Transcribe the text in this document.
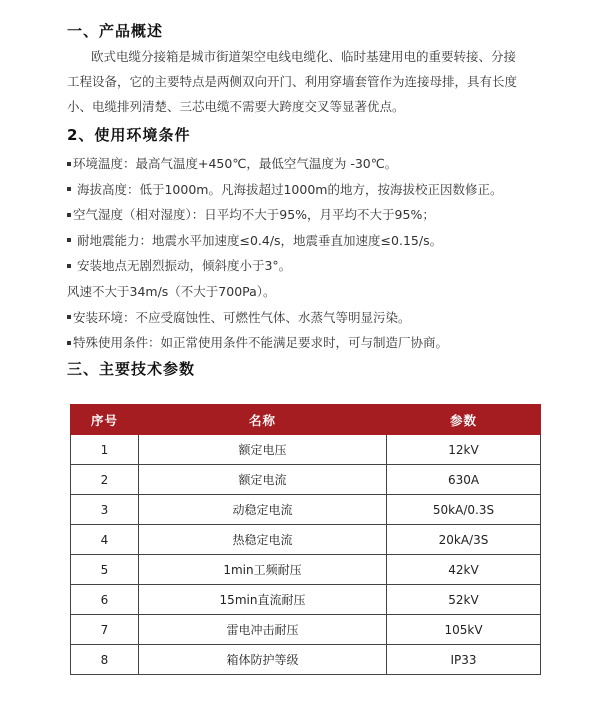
一、产品概述

欧式电缆分接箱是城市街道架空电线电缆化、临时基建用电的重要转接、分接
工程设备，它的主要特点是两侧双向开门、利用穿墙套管作为连接母排，具有长度
小、电缆排列清楚、三芯电缆不需要大跨度交叉等显著优点。

2、使用环境条件
环境温度：最高气温度+450℃，最低空气温度为 -30℃。
海拔高度：低于1000m。凡海拔超过1000m的地方，按海拔校正因数修正。
空气湿度（相对湿度）：日平均不大于95%，月平均不大于95%；
耐地震能力：地震水平加速度≤0.4/s，地震垂直加速度≤0.15/s。
安装地点无剧烈振动，倾斜度小于3°。
风速不大于34m/s（不大于700Pa）。
安装环境：不应受腐蚀性、可燃性气体、水蒸气等明显污染。
特殊使用条件：如正常使用条件不能满足要求时，可与制造厂协商。
三、主要技术参数
序号	名称	参数
1	额定电压	12kV
2	额定电流	630A
3	动稳定电流	50kA/0.3S
4	热稳定电流	20kA/3S
5	1min工频耐压	42kV
6	15min直流耐压	52kV
7	雷电冲击耐压	105kV
8	箱体防护等级	IP33
